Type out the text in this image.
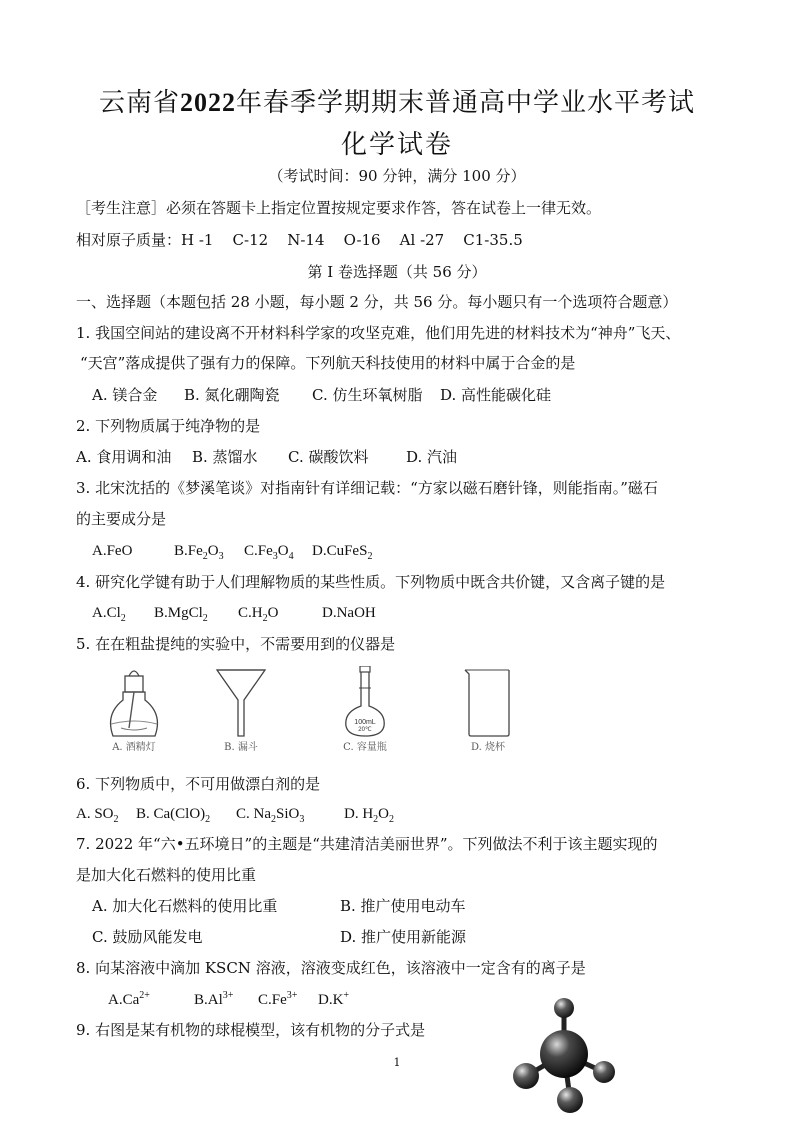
云南省2022年春季学期期末普通高中学业水平考试
化学试卷
（考试时间：90 分钟，满分 100 分）
［考生注意］必须在答题卡上指定位置按规定要求作答，答在试卷上一律无效。
相对原子质量：H -1    C-12    N-14    O-16    Al -27    C1-35.5
第 I 卷选择题（共 56 分）
一、选择题（本题包括 28 小题，每小题 2 分，共 56 分。每小题只有一个选项符合题意）
1. 我国空间站的建设离不开材料科学家的攻坚克难，他们用先进的材料技术为“神舟”飞天、
“天宫”落成提供了强有力的保障。下列航天科技使用的材料中属于合金的是
A. 镁合金 B. 氮化硼陶瓷 C. 仿生环氧树脂 D. 高性能碳化硅
2. 下列物质属于纯净物的是
A. 食用调和油 B. 蒸馏水 C. 碳酸饮料	D. 汽油
3. 北宋沈括的《梦溪笔谈》对指南针有详细记载：“方家以磁石磨针锋，则能指南。”磁石
的主要成分是
A.FeO	$B.Fe_2O_3$ $C.Fe_3O_4$ D.CuFeS$_2$
4. 研究化学键有助于人们理解物质的某些性质。下列物质中既含共价键，又含离子键的是
$A.Cl_2$ B.MgCl$_2$ $C.H_2O$	D.NaOH
5. 在在粗盐提纯的实验中，不需要用到的仪器是
A. 酒精灯	B. 漏斗
100mL
20℃
C. 容量瓶	D. 烧杯
6. 下列物质中，不可用做漂白剂的是
A. $SO_2$ B. $Ca(ClO)_2$ C. $Na_2SiO_3$	D. $H_2O_2$
7. 2022 年“六•五环境日”的主题是“共建清洁美丽世界”。下列做法不利于该主题实现的
是加大化石燃料的使用比重
A. 加大化石燃料的使用比重	B. 推广使用电动车
C. 鼓励风能发电	D. 推广使用新能源
8. 向某溶液中滴加 KSCN 溶液，溶液变成红色，该溶液中一定含有的离子是
$A.Ca^{2+}$	$B.Al^{3+}$ $C.Fe^{3+}$ D.K+
9. 右图是某有机物的球棍模型，该有机物的分子式是
1
